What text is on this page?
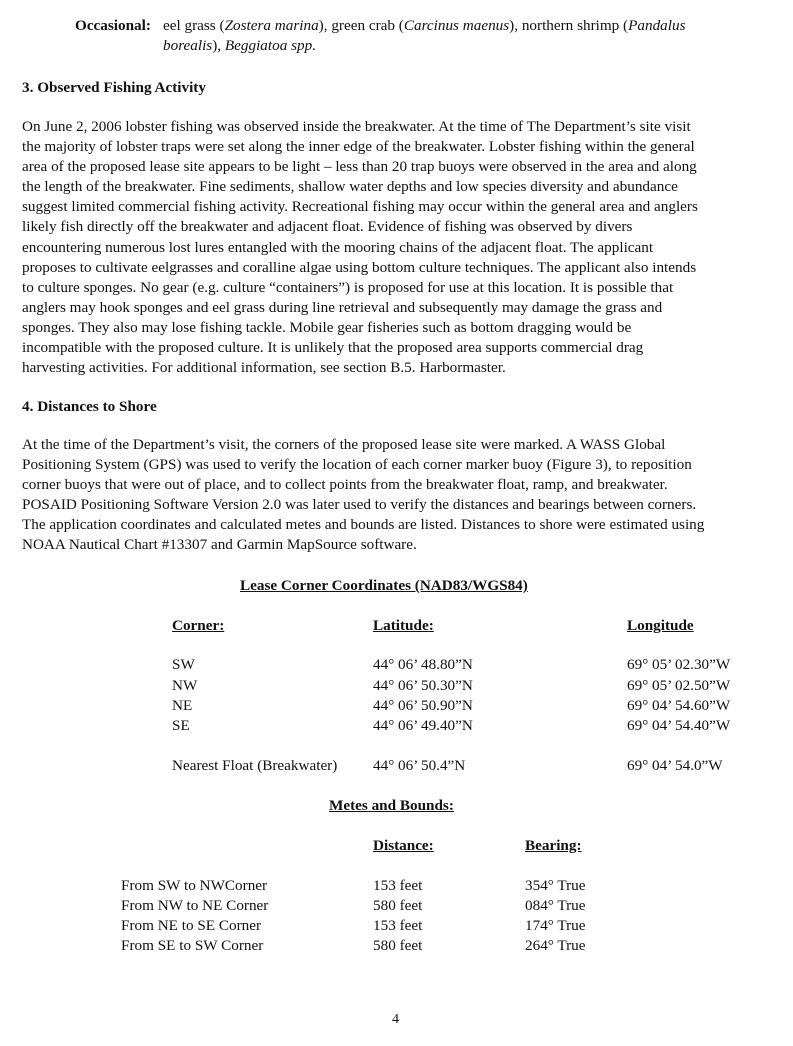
Occasional: eel grass (Zostera marina), green crab (Carcinus maenus), northern shrimp (Pandalus
borealis), Beggiatoa spp.
3. Observed Fishing Activity
On June 2, 2006 lobster fishing was observed inside the breakwater. At the time of The Department’s site visit
the majority of lobster traps were set along the inner edge of the breakwater. Lobster fishing within the general
area of the proposed lease site appears to be light – less than 20 trap buoys were observed in the area and along
the length of the breakwater. Fine sediments, shallow water depths and low species diversity and abundance
suggest limited commercial fishing activity. Recreational fishing may occur within the general area and anglers
likely fish directly off the breakwater and adjacent float. Evidence of fishing was observed by divers
encountering numerous lost lures entangled with the mooring chains of the adjacent float. The applicant
proposes to cultivate eelgrasses and coralline algae using bottom culture techniques. The applicant also intends
to culture sponges. No gear (e.g. culture “containers”) is proposed for use at this location. It is possible that
anglers may hook sponges and eel grass during line retrieval and subsequently may damage the grass and
sponges. They also may lose fishing tackle. Mobile gear fisheries such as bottom dragging would be
incompatible with the proposed culture. It is unlikely that the proposed area supports commercial drag
harvesting activities. For additional information, see section B.5. Harbormaster.
4. Distances to Shore
At the time of the Department’s visit, the corners of the proposed lease site were marked. A WASS Global
Positioning System (GPS) was used to verify the location of each corner marker buoy (Figure 3), to reposition
corner buoys that were out of place, and to collect points from the breakwater float, ramp, and breakwater.
POSAID Positioning Software Version 2.0 was later used to verify the distances and bearings between corners.
The application coordinates and calculated metes and bounds are listed. Distances to shore were estimated using
NOAA Nautical Chart #13307 and Garmin MapSource software.
Lease Corner Coordinates (NAD83/WGS84)
Corner:	Latitude:	Longitude
SW	44° 06’ 48.80”N	69° 05’ 02.30”W
NW	44° 06’ 50.30”N	69° 05’ 02.50”W
NE	44° 06’ 50.90”N	69° 04’ 54.60”W
SE	44° 06’ 49.40”N	69° 04’ 54.40”W
Nearest Float (Breakwater) 44° 06’ 50.4”N	69° 04’ 54.0”W
Metes and Bounds:
Distance:	Bearing:
From SW to NWCorner	153 feet	354° True
From NW to NE Corner	580 feet	084° True
From NE to SE Corner	153 feet	174° True
From SE to SW Corner	580 feet	264° True
4
